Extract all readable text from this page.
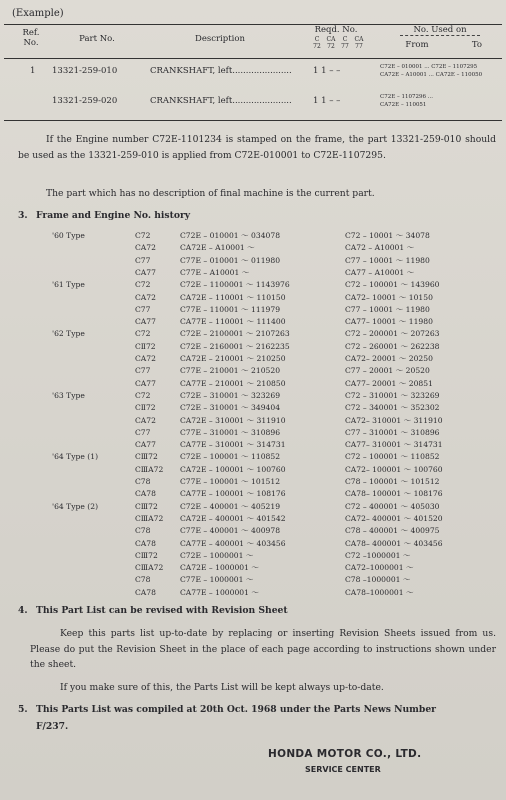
(Example)
Ref.
No.	Part No.	Description
Reqd. No.
C
72
CA
72
C
77
CA
77
No. Used on
From	To
1 13321-259-010	CRANKSHAFT, left......................	1 1 – –	C72E – 010001 ... C72E – 1107295
CA72E – A10001 ... CA72E – 110050
13321-259-020	CRANKSHAFT, left......................	1 1 – –	C72E – 1107296 ...
CA72E – 110051
If the Engine number C72E-1101234 is stamped on the frame, the part 13321-259-010 should be used as the 13321-259-010 is applied from C72E-010001 to C72E-1107295.
The part which has no description of final machine is the current part.
3. Frame and Engine No. history
'60 Type	C72	C72E – 010001 ～ 034078	C72 – 10001 ～ 34078
CA72	CA72E – A10001 ～	CA72 – A10001 ～
C77	C77E – 010001 ～ 011980	C77 – 10001 ～ 11980
CA77	C77E – A10001 ～	CA77 – A10001 ～
'61 Type	C72	C72E – 1100001 ～ 1143976	C72 – 100001 ～ 143960
CA72	CA72E – 110001 ～ 110150	CA72– 10001 ～ 10150
C77	C77E – 110001 ～ 111979	C77 – 10001 ～ 11980
CA77	CA77E – 110001 ～ 111400	CA77– 10001 ～ 11980
'62 Type	C72	C72E – 2100001 ～ 2107263	C72 – 200001 ～ 207263
CⅡ72	C72E – 2160001 ～ 2162235	C72 – 260001 ～ 262238
CA72	CA72E – 210001 ～ 210250	CA72– 20001 ～ 20250
C77	C77E – 210001 ～ 210520	C77 – 20001 ～ 20520
CA77	CA77E – 210001 ～ 210850	CA77– 20001 ～ 20851
'63 Type	C72	C72E – 310001 ～ 323269	C72 – 310001 ～ 323269
CⅡ72	C72E – 310001 ～ 349404	C72 – 340001 ～ 352302
CA72	CA72E – 310001 ～ 311910	CA72– 310001 ～ 311910
C77	C77E – 310001 ～ 310896	C77 – 310001 ～ 310896
CA77	CA77E – 310001 ～ 314731	CA77– 310001 ～ 314731
'64 Type (1)	CⅢ72	C72E – 100001 ～ 110852	C72 – 100001 ～ 110852
CⅢA72 CA72E – 100001 ～ 100760	CA72– 100001 ～ 100760
C78	C77E – 100001 ～ 101512	C78 – 100001 ～ 101512
CA78	CA77E – 100001 ～ 108176	CA78– 100001 ～ 108176
'64 Type (2)	CⅢ72	C72E – 400001 ～ 405219	C72 – 400001 ～ 405030
CⅢA72 CA72E – 400001 ～ 401542	CA72– 400001 ～ 401520
C78	C77E – 400001 ～ 400978	C78 – 400001 ～ 400975
CA78	CA77E – 400001 ～ 403456	CA78– 400001 ～ 403456
CⅢ72	C72E – 1000001 ～	C72 –1000001 ～
CⅢA72 CA72E – 1000001 ～	CA72–1000001 ～
C78	C77E – 1000001 ～	C78 –1000001 ～
CA78	CA77E – 1000001 ～	CA78–1000001 ～
4. This Part List can be revised with Revision Sheet
Keep this parts list up-to-date by replacing or inserting Revision Sheets issued from us. Please do put the Revision Sheet in the place of each page according to instructions shown under the sheet.
If you make sure of this, the Parts List will be kept always up-to-date.
5. This Parts List was compiled at 20th Oct. 1968 under the Parts News Number
F/237.
HONDA MOTOR CO., LTD.
SERVICE CENTER
